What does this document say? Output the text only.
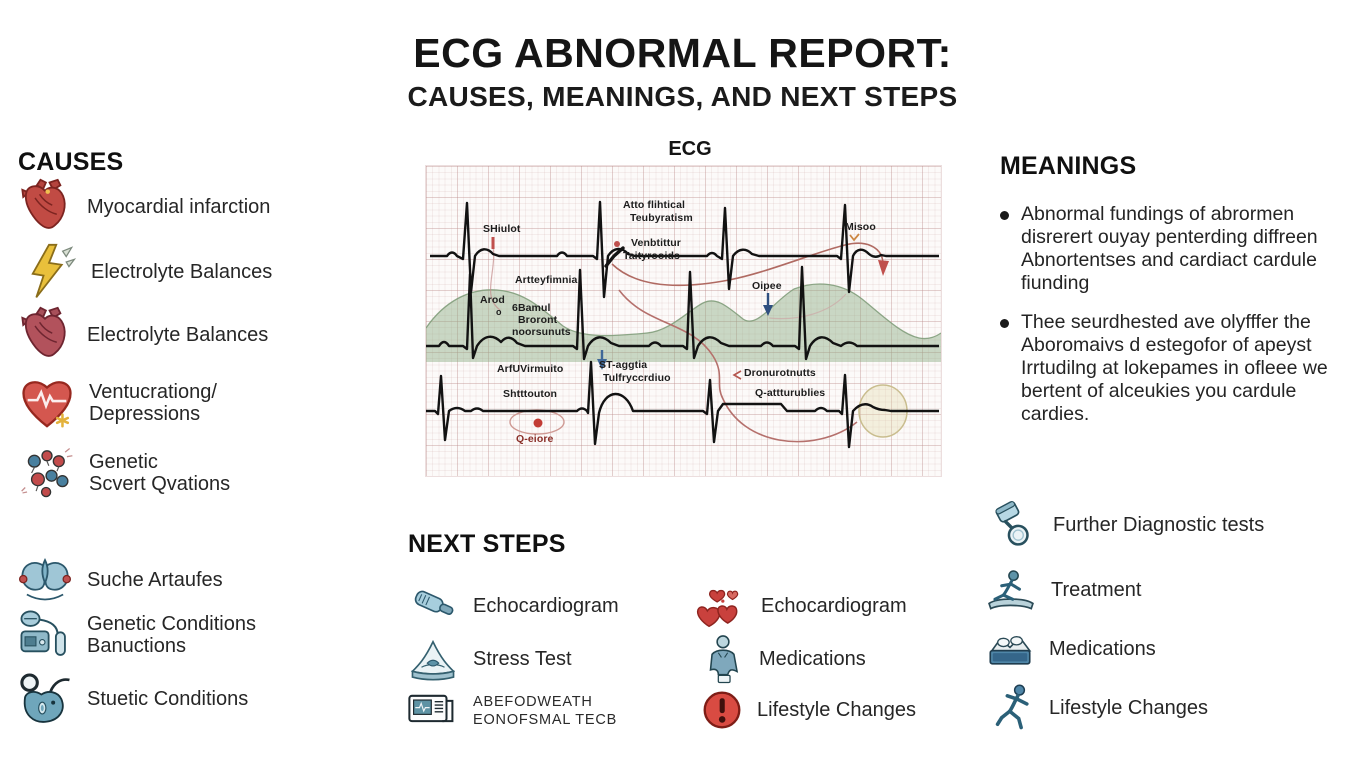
ECG ABNORMAL REPORT:
CAUSES, MEANINGS, AND NEXT STEPS
CAUSES
Myocardial infarction
Electrolyte Balances
Electrolyte Balances
Ventucrationg/
Depressions
Genetic
Scvert Qvations
Suche Artaufes
Genetic Conditions
Banuctions
Stuetic Conditions
ECG
SHiulot
Atto flihtical
Teubyratism
Venbtittur
Taityrooids
Artteyfimnia
Misoo
Oipee
Arod
o 6Bamul
Broront
noorsunuts
ArfUVirmuito	ST-aggtia
Tulfryccrdiuo
Shtttouton
Q-eiore
Dronurotnutts
Q-attturublies
NEXT STEPS
Echocardiogram
Stress Test
ABEFODWEATH
EONOFSMAL TECB
Echocardiogram
Medications
Lifestyle Changes
MEANINGS
Abnormal fundings of abrormen disrerert ouyay penterding diffreen Abnortentses and cardiact cardule fiunding
Thee seurdhested ave olyfffer the Aboromaivs d estegofor of apeyst Irrtudilng at lokepames in ofleee we bertent of alceukies you cardule cardies.
Further Diagnostic tests
Treatment
Medications
Lifestyle Changes
